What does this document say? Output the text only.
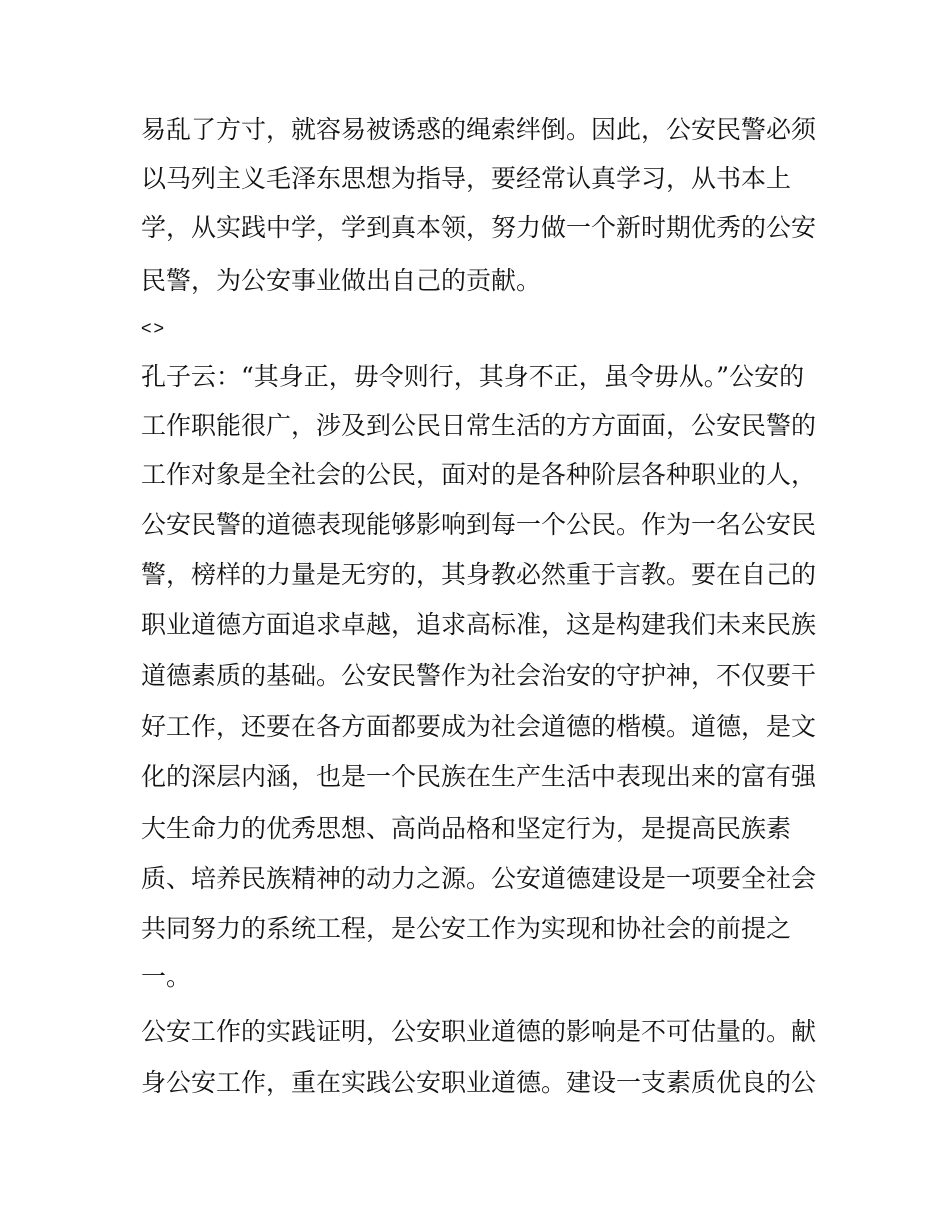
易乱了方寸，就容易被诱惑的绳索绊倒。因此，公安民警必须
以马列主义毛泽东思想为指导，要经常认真学习，从书本上
学，从实践中学，学到真本领，努力做一个新时期优秀的公安
民警，为公安事业做出自己的贡献。
<>
孔子云：“其身正，毋令则行，其身不正，虽令毋从。”公安的
工作职能很广，涉及到公民日常生活的方方面面，公安民警的
工作对象是全社会的公民，面对的是各种阶层各种职业的人，
公安民警的道德表现能够影响到每一个公民。作为一名公安民
警，榜样的力量是无穷的，其身教必然重于言教。要在自己的
职业道德方面追求卓越，追求高标准，这是构建我们未来民族
道德素质的基础。公安民警作为社会治安的守护神，不仅要干
好工作，还要在各方面都要成为社会道德的楷模。道德，是文
化的深层内涵，也是一个民族在生产生活中表现出来的富有强
大生命力的优秀思想、高尚品格和坚定行为，是提高民族素
质、培养民族精神的动力之源。公安道德建设是一项要全社会
共同努力的系统工程，是公安工作为实现和协社会的前提之
一。
公安工作的实践证明，公安职业道德的影响是不可估量的。献
身公安工作，重在实践公安职业道德。建设一支素质优良的公
